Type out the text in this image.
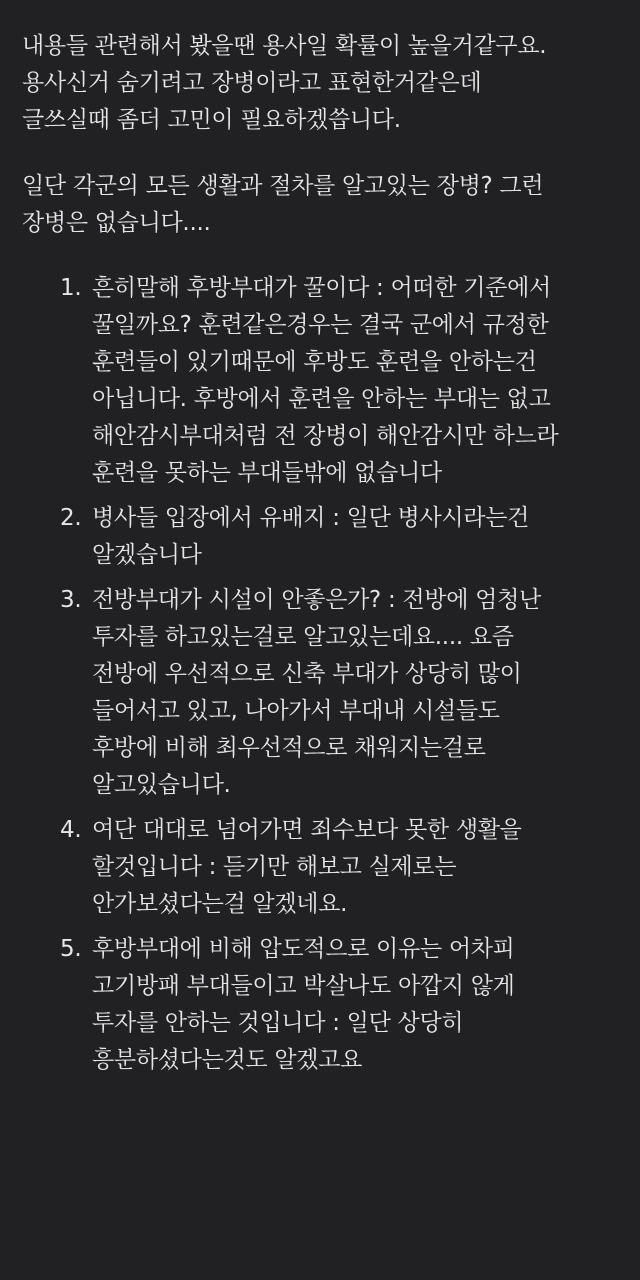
내용들 관련해서 봤을땐 용사일 확률이 높을거같구요.
용사신거 숨기려고 장병이라고 표현한거같은데
글쓰실때 좀더 고민이 필요하겠씁니다.

일단 각군의 모든 생활과 절차를 알고있는 장병? 그런
장병은 없습니다....

1. 흔히말해 후방부대가 꿀이다 : 어떠한 기준에서
꿀일까요? 훈련같은경우는 결국 군에서 규정한
훈련들이 있기때문에 후방도 훈련을 안하는건
아닙니다. 후방에서 훈련을 안하는 부대는 없고
해안감시부대처럼 전 장병이 해안감시만 하느라
훈련을 못하는 부대들밖에 없습니다
2. 병사들 입장에서 유배지 : 일단 병사시라는건
알겠습니다
3. 전방부대가 시설이 안좋은가? : 전방에 엄청난
투자를 하고있는걸로 알고있는데요.... 요즘
전방에 우선적으로 신축 부대가 상당히 많이
들어서고 있고, 나아가서 부대내 시설들도
후방에 비해 최우선적으로 채워지는걸로
알고있습니다.
4. 여단 대대로 넘어가면 죄수보다 못한 생활을
할것입니다 : 듣기만 해보고 실제로는
안가보셨다는걸 알겠네요.
5. 후방부대에 비해 압도적으로 이유는 어차피
고기방패 부대들이고 박살나도 아깝지 않게
투자를 안하는 것입니다 : 일단 상당히
흥분하셨다는것도 알겠고요
